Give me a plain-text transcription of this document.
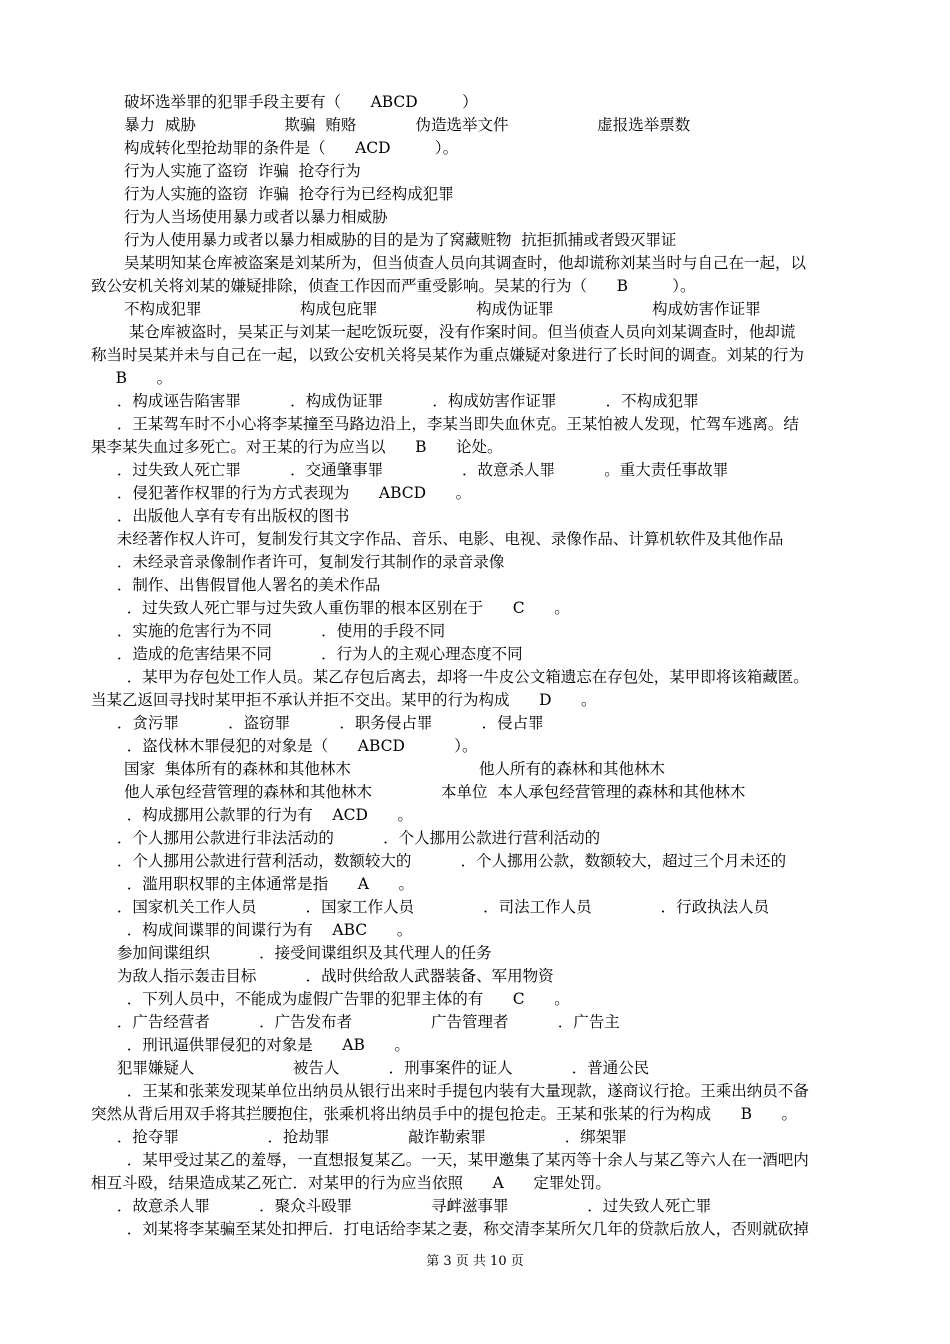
破坏选举罪的犯罪手段主要有（      ABCD         ）
暴力  威胁                  欺骗  贿赂            伪造选举文件                  虚报选举票数
构成转化型抢劫罪的条件是（      ACD         ）。
行为人实施了盗窃  诈骗  抢夺行为
行为人实施的盗窃  诈骗  抢夺行为已经构成犯罪
行为人当场使用暴力或者以暴力相威胁
行为人使用暴力或者以暴力相威胁的目的是为了窝藏赃物  抗拒抓捕或者毁灭罪证
吴某明知某仓库被盗案是刘某所为，但当侦查人员向其调查时，他却谎称刘某当时与自己在一起，以
致公安机关将刘某的嫌疑排除，侦查工作因而严重受影响。吴某的行为（      B         ）。
不构成犯罪                    构成包庇罪                    构成伪证罪                    构成妨害作证罪
某仓库被盗时，吴某正与刘某一起吃饭玩耍，没有作案时间。但当侦查人员向刘某调查时，他却谎
称当时吴某并未与自己在一起，以致公安机关将吴某作为重点嫌疑对象进行了长时间的调查。刘某的行为
B      。
．构成诬告陷害罪          ．构成伪证罪          ．构成妨害作证罪          ．不构成犯罪
．王某驾车时不小心将李某撞至马路边沿上，李某当即失血休克。王某怕被人发现，忙驾车逃离。结
果李某失血过多死亡。对王某的行为应当以      B      论处。
．过失致人死亡罪          ．交通肇事罪                ．故意杀人罪          。重大责任事故罪
．侵犯著作权罪的行为方式表现为      ABCD      。
．出版他人享有专有出版权的图书
未经著作权人许可，复制发行其文字作品、音乐、电影、电视、录像作品、计算机软件及其他作品
．未经录音录像制作者许可，复制发行其制作的录音录像
．制作、出售假冒他人署名的美术作品
．过失致人死亡罪与过失致人重伤罪的根本区别在于      C      。
．实施的危害行为不同          ．使用的手段不同
．造成的危害结果不同          ．行为人的主观心理态度不同
．某甲为存包处工作人员。某乙存包后离去，却将一牛皮公文箱遗忘在存包处，某甲即将该箱藏匿。
当某乙返回寻找时某甲拒不承认并拒不交出。某甲的行为构成      D      。
．贪污罪          ．盗窃罪          ．职务侵占罪          ．侵占罪
．盗伐林木罪侵犯的对象是（      ABCD          ）。
国家  集体所有的森林和其他林木                          他人所有的森林和其他林木
他人承包经营管理的森林和其他林木              本单位  本人承包经营管理的森林和其他林木
．构成挪用公款罪的行为有    ACD      。
．个人挪用公款进行非法活动的          ．个人挪用公款进行营利活动的
．个人挪用公款进行营利活动，数额较大的          ．个人挪用公款，数额较大，超过三个月未还的
．滥用职权罪的主体通常是指      A      。
．国家机关工作人员          ．国家工作人员              ．司法工作人员              ．行政执法人员
．构成间谍罪的间谍行为有    ABC      。
参加间谍组织          ．接受间谍组织及其代理人的任务
为敌人指示轰击目标          ．战时供给敌人武器装备、军用物资
．下列人员中，不能成为虚假广告罪的犯罪主体的有      C      。
．广告经营者          ．广告发布者                广告管理者          ．广告主
．刑讯逼供罪侵犯的对象是      AB      。
犯罪嫌疑人                    被告人          ．刑事案件的证人            ．普通公民
．王某和张莱发现某单位出纳员从银行出来时手提包内装有大量现款，遂商议行抢。王乘出纳员不备
突然从背后用双手将其拦腰抱住，张乘机将出纳员手中的提包抢走。王某和张某的行为构成      B      。
．抢夺罪                  ．抢劫罪                敲诈勒索罪                ．绑架罪
．某甲受过某乙的羞辱，一直想报复某乙。一天，某甲邀集了某丙等十余人与某乙等六人在一酒吧内
相互斗殴，结果造成某乙死亡．对某甲的行为应当依照      A      定罪处罚。
．故意杀人罪          ．聚众斗殴罪                寻衅滋事罪                ．过失致人死亡罪
．刘某将李某骗至某处扣押后．打电话给李某之妻，称交清李某所欠几年的贷款后放人，否则就砍掉
第 3 页 共 10 页
